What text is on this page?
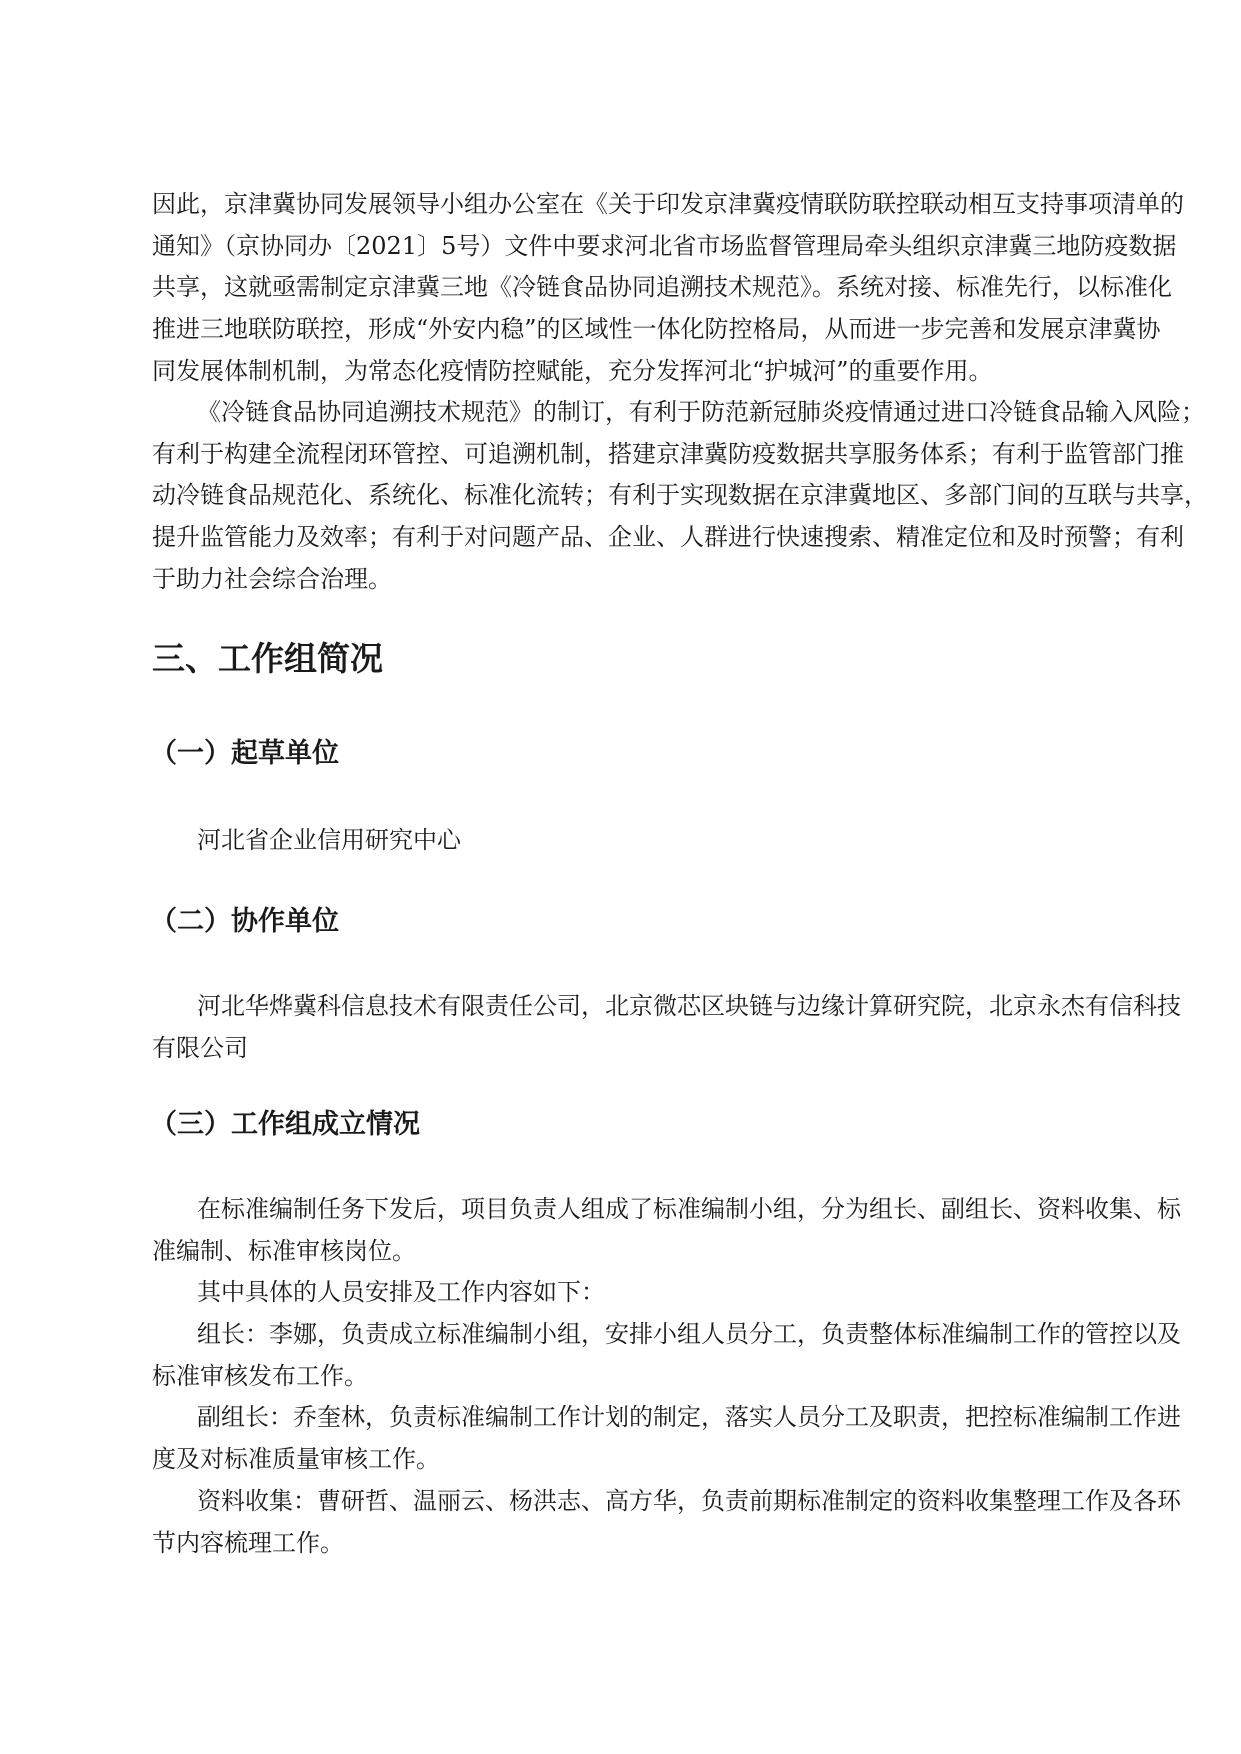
因此，京津冀协同发展领导小组办公室在《关于印发京津冀疫情联防联控联动相互支持事项清单的
通知》（京协同办〔2021〕5号）文件中要求河北省市场监督管理局牵头组织京津冀三地防疫数据
共享，这就亟需制定京津冀三地《冷链食品协同追溯技术规范》。系统对接、标准先行，以标准化
推进三地联防联控，形成“外安内稳”的区域性一体化防控格局，从而进一步完善和发展京津冀协
同发展体制机制，为常态化疫情防控赋能，充分发挥河北“护城河”的重要作用。
《冷链食品协同追溯技术规范》的制订，有利于防范新冠肺炎疫情通过进口冷链食品输入风险；
有利于构建全流程闭环管控、可追溯机制，搭建京津冀防疫数据共享服务体系；有利于监管部门推
动冷链食品规范化、系统化、标准化流转；有利于实现数据在京津冀地区、多部门间的互联与共享，
提升监管能力及效率；有利于对问题产品、企业、人群进行快速搜索、精准定位和及时预警；有利
于助力社会综合治理。
三、工作组简况
（一）起草单位
河北省企业信用研究中心
（二）协作单位
河北华烨冀科信息技术有限责任公司，北京微芯区块链与边缘计算研究院，北京永杰有信科技
有限公司
（三）工作组成立情况
在标准编制任务下发后，项目负责人组成了标准编制小组，分为组长、副组长、资料收集、标
准编制、标准审核岗位。
其中具体的人员安排及工作内容如下：
组长：李娜，负责成立标准编制小组，安排小组人员分工，负责整体标准编制工作的管控以及
标准审核发布工作。
副组长：乔奎林，负责标准编制工作计划的制定，落实人员分工及职责，把控标准编制工作进
度及对标准质量审核工作。
资料收集：曹研哲、温丽云、杨洪志、高方华，负责前期标准制定的资料收集整理工作及各环
节内容梳理工作。
